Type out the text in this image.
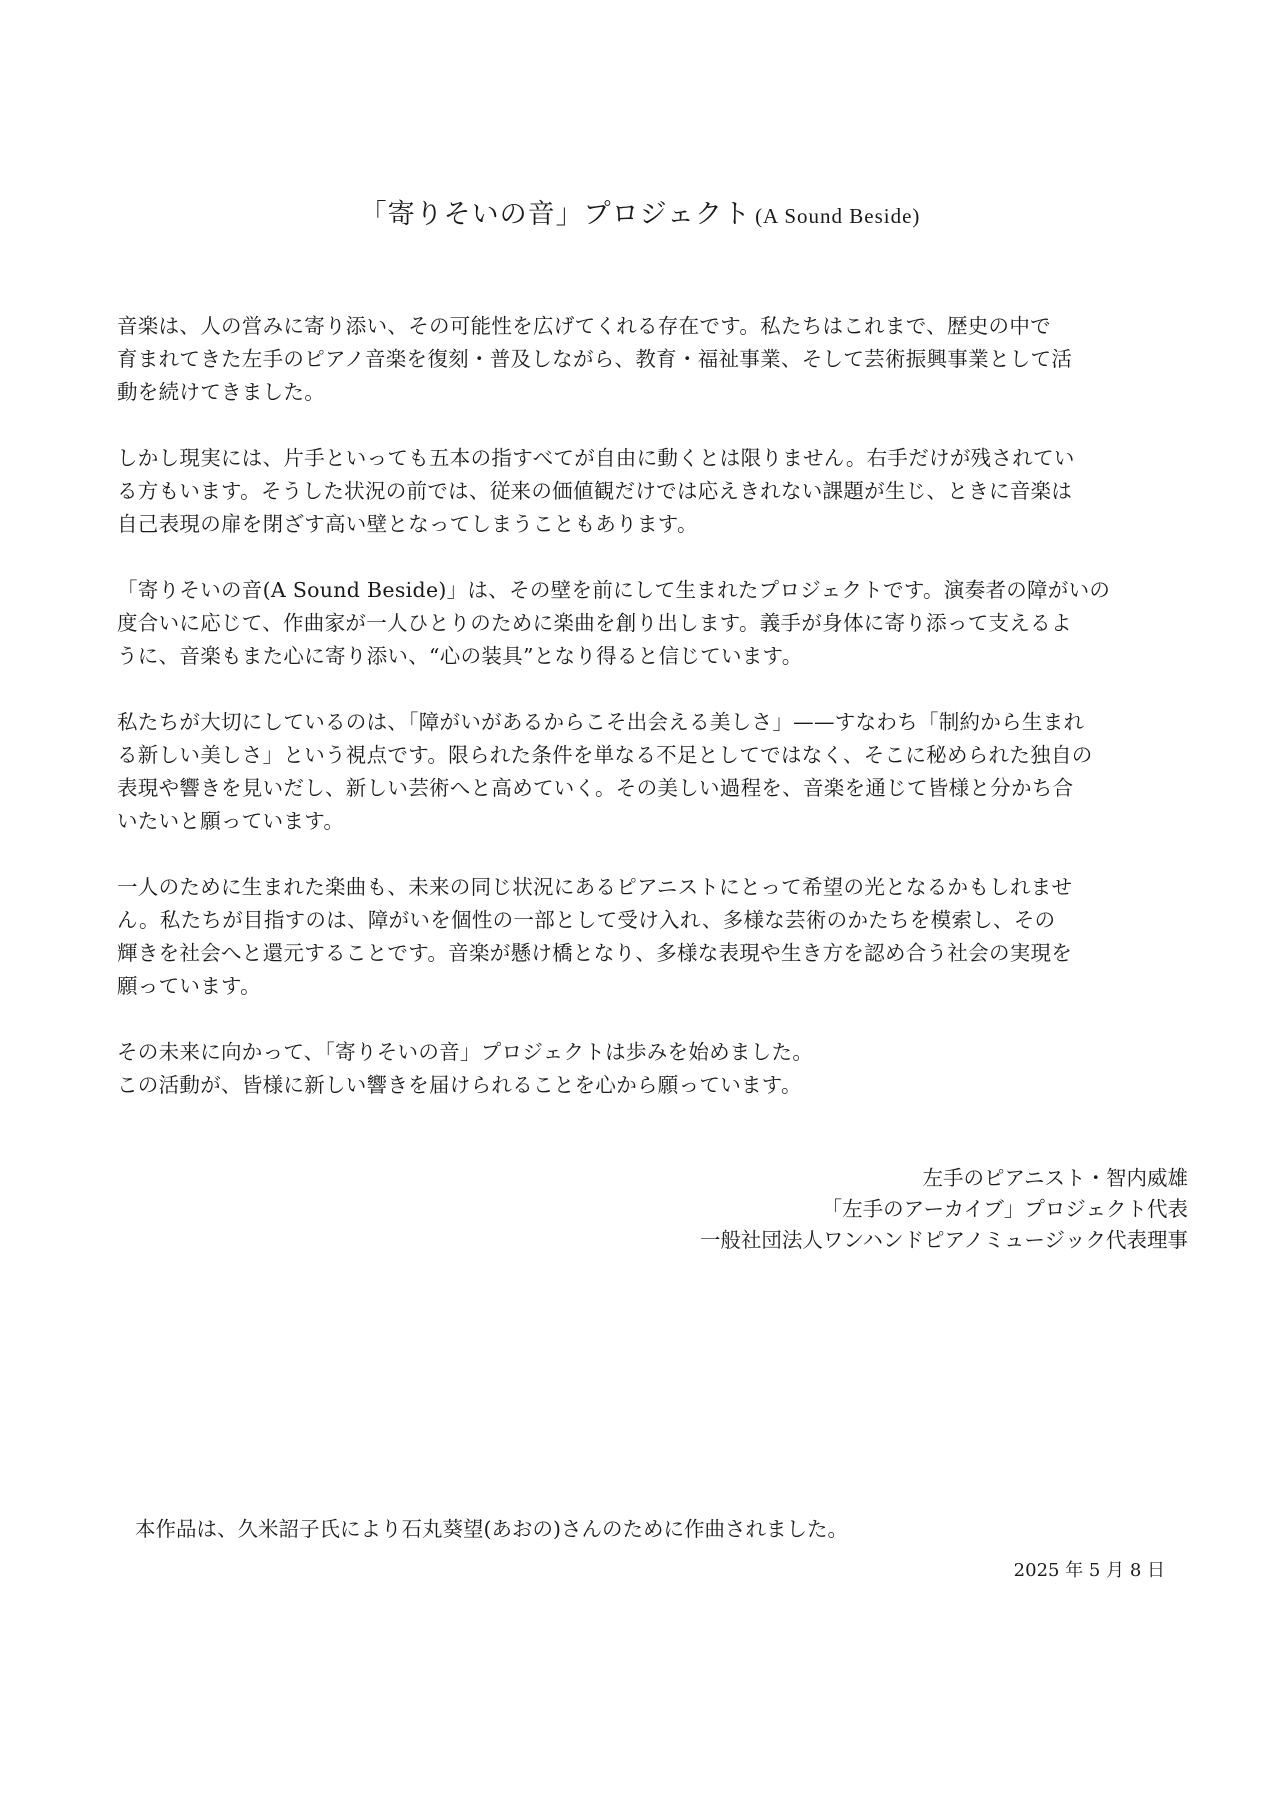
「寄りそいの音」プロジェクト (A Sound Beside)

音楽は、人の営みに寄り添い、その可能性を広げてくれる存在です。私たちはこれまで、歴史の中で
育まれてきた左手のピアノ音楽を復刻・普及しながら、教育・福祉事業、そして芸術振興事業として活
動を続けてきました。

しかし現実には、片手といっても五本の指すべてが自由に動くとは限りません。右手だけが残されてい
る方もいます。そうした状況の前では、従来の価値観だけでは応えきれない課題が生じ、ときに音楽は
自己表現の扉を閉ざす高い壁となってしまうこともあります。

「寄りそいの音(A Sound Beside)」は、その壁を前にして生まれたプロジェクトです。演奏者の障がいの
度合いに応じて、作曲家が一人ひとりのために楽曲を創り出します。義手が身体に寄り添って支えるよ
うに、音楽もまた心に寄り添い、“心の装具”となり得ると信じています。

私たちが大切にしているのは、「障がいがあるからこそ出会える美しさ」——すなわち「制約から生まれ
る新しい美しさ」という視点です。限られた条件を単なる不足としてではなく、そこに秘められた独自の
表現や響きを見いだし、新しい芸術へと高めていく。その美しい過程を、音楽を通じて皆様と分かち合
いたいと願っています。

一人のために生まれた楽曲も、未来の同じ状況にあるピアニストにとって希望の光となるかもしれませ
ん。私たちが目指すのは、障がいを個性の一部として受け入れ、多様な芸術のかたちを模索し、その
輝きを社会へと還元することです。音楽が懸け橋となり、多様な表現や生き方を認め合う社会の実現を
願っています。

その未来に向かって、「寄りそいの音」プロジェクトは歩みを始めました。
この活動が、皆様に新しい響きを届けられることを心から願っています。

左手のピアニスト・智内威雄
「左手のアーカイブ」プロジェクト代表
一般社団法人ワンハンドピアノミュージック代表理事
本作品は、久米詔子氏により石丸葵望(あおの)さんのために作曲されました。
2025 年 5 月 8 日
